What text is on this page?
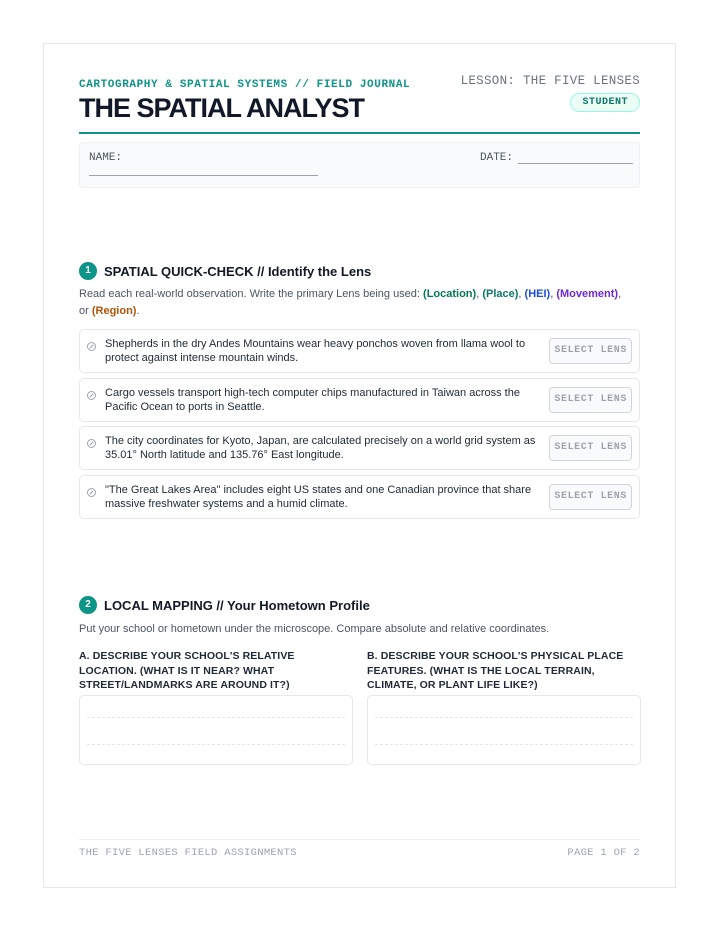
CARTOGRAPHY & SPATIAL SYSTEMS // FIELD JOURNAL
THE SPATIAL ANALYST
LESSON: THE FIVE LENSES
STUDENT
NAME:	DATE:
1	SPATIAL QUICK-CHECK // Identify the Lens
Read each real-world observation. Write the primary Lens being used: (Location), (Place), (HEI), (Movement),
or (Region).
Shepherds in the dry Andes Mountains wear heavy ponchos woven from llama wool to
protect against intense mountain winds.
SELECT LENS
Cargo vessels transport high-tech computer chips manufactured in Taiwan across the
Pacific Ocean to ports in Seattle.
SELECT LENS
The city coordinates for Kyoto, Japan, are calculated precisely on a world grid system as
35.01° North latitude and 135.76° East longitude.
SELECT LENS
"The Great Lakes Area" includes eight US states and one Canadian province that share
massive freshwater systems and a humid climate.
SELECT LENS
2	LOCAL MAPPING // Your Hometown Profile
Put your school or hometown under the microscope. Compare absolute and relative coordinates.
A. DESCRIBE YOUR SCHOOL'S RELATIVE
LOCATION. (WHAT IS IT NEAR? WHAT
STREET/LANDMARKS ARE AROUND IT?)
B. DESCRIBE YOUR SCHOOL'S PHYSICAL PLACE
FEATURES. (WHAT IS THE LOCAL TERRAIN,
CLIMATE, OR PLANT LIFE LIKE?)
THE FIVE LENSES FIELD ASSIGNMENTS	PAGE 1 OF 2
